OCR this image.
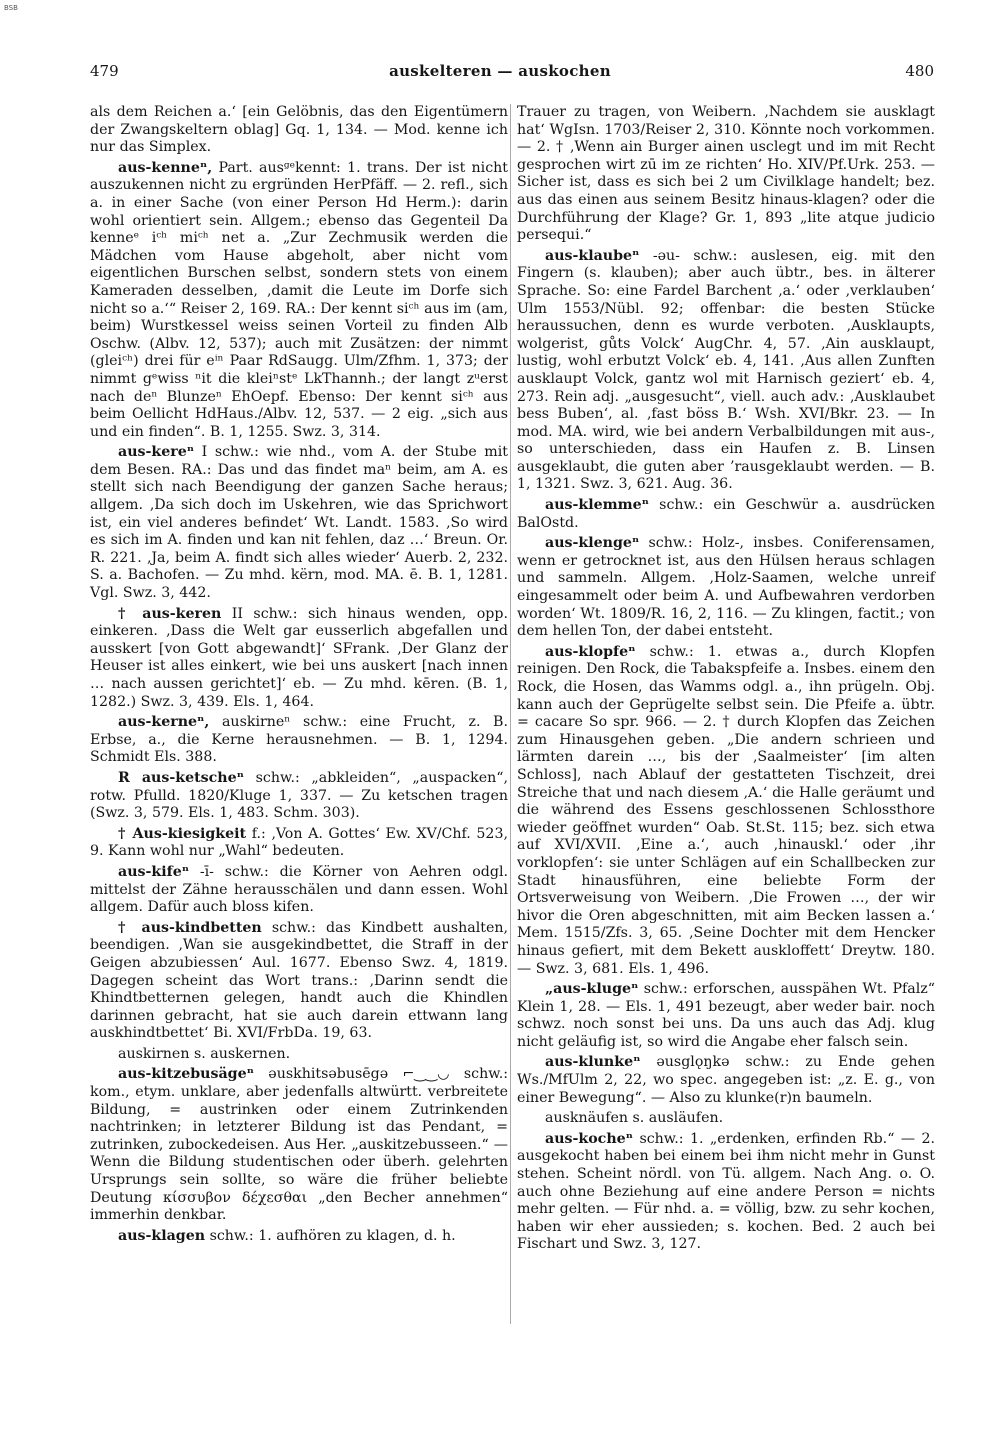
BSB
479	auskelteren — auskochen	480

als dem Reichen a.‘ [ein Gelöbnis, das den Eigentümern der Zwangskeltern oblag] Gq. 1, 134. — Mod. kenne ich nur das Simplex.

aus-kenneⁿ, Part. ausᵍᵉkennt: 1. trans. Der ist nicht auszukennen nicht zu ergründen HerPfäff. — 2. refl., sich a. in einer Sache (von einer Person Hd Herm.): darin wohl orientiert sein. Allgem.; ebenso das Gegenteil Da kenneᵉ iᶜʰ miᶜʰ net a. „Zur Zechmusik werden die Mädchen vom Hause abgeholt, aber nicht vom eigentlichen Burschen selbst, sondern stets von einem Kameraden desselben, ‚damit die Leute im Dorfe sich nicht so a.‘“ Reiser 2, 169. RA.: Der kennt siᶜʰ aus im (am, beim) Wurstkessel weiss seinen Vorteil zu finden Alb Oschw. (Albv. 12, 537); auch mit Zusätzen: der nimmt (gleiᶜʰ) drei für eⁱⁿ Paar RdSaugg. Ulm/Zfhm. 1, 373; der nimmt gᵉwiss ⁿit die kleiⁿstᵉ LkThannh.; der langt zᵘerst nach deⁿ Blunzeⁿ EhOepf. Ebenso: Der kennt siᶜʰ aus beim Oellicht HdHaus./Albv. 12, 537. — 2 eig. „sich aus und ein finden“. B. 1, 1255. Swz. 3, 314.

aus-kereⁿ I schw.: wie nhd., vom A. der Stube mit dem Besen. RA.: Das und das findet maⁿ beim, am A. es stellt sich nach Beendigung der ganzen Sache heraus; allgem. ‚Da sich doch im Uskehren, wie das Sprichwort ist, ein viel anderes befindet‘ Wt. Landt. 1583. ‚So wird es sich im A. finden und kan nit fehlen, daz …‘ Breun. Or. R. 221. ‚Ja, beim A. findt sich alles wieder‘ Auerb. 2, 232. S. a. Bachofen. — Zu mhd. kërn, mod. MA. ē. B. 1, 1281. Vgl. Swz. 3, 442.

† aus-keren II schw.: sich hinaus wenden, opp. einkeren. ‚Dass die Welt gar eusserlich abgefallen und ausskert [von Gott abgewandt]‘ SFrank. ‚Der Glanz der Heuser ist alles einkert, wie bei uns auskert [nach innen … nach aussen gerichtet]‘ eb. — Zu mhd. kēren. (B. 1, 1282.) Swz. 3, 439. Els. 1, 464.

aus-kerneⁿ, auskirneⁿ schw.: eine Frucht, z. B. Erbse, a., die Kerne herausnehmen. — B. 1, 1294. Schmidt Els. 388.

R aus-ketscheⁿ schw.: „abkleiden“, „auspacken“, rotw. Pfulld. 1820/Kluge 1, 337. — Zu ketschen tragen (Swz. 3, 579. Els. 1, 483. Schm. 303).

† Aus-kiesigkeit f.: ‚Von A. Gottes‘ Ew. XV/Chf. 523, 9. Kann wohl nur „Wahl“ bedeuten.

aus-kifeⁿ -ī- schw.: die Körner von Aehren odgl. mittelst der Zähne herausschälen und dann essen. Wohl allgem. Dafür auch bloss kifen.

† aus-kindbetten schw.: das Kindbett aushalten, beendigen. ‚Wan sie ausgekindbettet, die Straff in der Geigen abzubiessen‘ Aul. 1677. Ebenso Swz. 4, 1819. Dagegen scheint das Wort trans.: ‚Darinn sendt die Khindtbetternen gelegen, handt auch die Khindlen darinnen gebracht, hat sie auch darein ettwann lang auskhindtbettet‘ Bi. XVI/FrbDa. 19, 63.

auskirnen s. auskernen.

aus-kitzebusägeⁿ əuskhitsəbusēgə ⌐‿‿◡ schw.: kom., etym. unklare, aber jedenfalls altwürtt. verbreitete Bildung, = austrinken oder einem Zutrinkenden nachtrinken; in letzterer Bildung ist das Pendant, = zutrinken, zubockedeisen. Aus Her. „auskitzebusseen.“ — Wenn die Bildung studentischen oder überh. gelehrten Ursprungs sein sollte, so wäre die früher beliebte Deutung κίσσυβον δέχεσθαι „den Becher annehmen“ immerhin denkbar.

aus-klagen schw.: 1. aufhören zu klagen, d. h.

Trauer zu tragen, von Weibern. ‚Nachdem sie ausklagt hat‘ WgIsn. 1703/Reiser 2, 310. Könnte noch vorkommen. — 2. † ‚Wenn ain Burger ainen usclegt und im mit Recht gesprochen wirt zū im ze richten‘ Ho. XIV/Pf.Urk. 253. — Sicher ist, dass es sich bei 2 um Civilklage handelt; bez. aus das einen aus seinem Besitz hinaus-klagen? oder die Durchführung der Klage? Gr. 1, 893 „lite atque judicio persequi.“

aus-klaubeⁿ -əu- schw.: auslesen, eig. mit den Fingern (s. klauben); aber auch übtr., bes. in älterer Sprache. So: eine Fardel Barchent ‚a.‘ oder ‚verklauben‘ Ulm 1553/Nübl. 92; offenbar: die besten Stücke heraussuchen, denn es wurde verboten. ‚Ausklaupts, wolgerist, gůts Volck‘ AugChr. 4, 57. ‚Ain ausklaupt, lustig, wohl erbutzt Volck‘ eb. 4, 141. ‚Aus allen Zunften ausklaupt Volck, gantz wol mit Harnisch geziert‘ eb. 4, 273. Rein adj. „ausgesucht“, viell. auch adv.: ‚Ausklaubet bess Buben‘, al. ‚fast böss B.‘ Wsh. XVI/Bkr. 23. — In mod. MA. wird, wie bei andern Verbalbildungen mit aus-, so unterschieden, dass ein Haufen z. B. Linsen ausgeklaubt, die guten aber ’rausgeklaubt werden. — B. 1, 1321. Swz. 3, 621. Aug. 36.

aus-klemmeⁿ schw.: ein Geschwür a. ausdrücken BalOstd.

aus-klengeⁿ schw.: Holz-, insbes. Coniferensamen, wenn er getrocknet ist, aus den Hülsen heraus schlagen und sammeln. Allgem. ‚Holz-Saamen, welche unreif eingesammelt oder beim A. und Aufbewahren verdorben worden‘ Wt. 1809/R. 16, 2, 116. — Zu klingen, factit.; von dem hellen Ton, der dabei entsteht.

aus-klopfeⁿ schw.: 1. etwas a., durch Klopfen reinigen. Den Rock, die Tabakspfeife a. Insbes. einem den Rock, die Hosen, das Wamms odgl. a., ihn prügeln. Obj. kann auch der Geprügelte selbst sein. Die Pfeife a. übtr. = cacare So spr. 966. — 2. † durch Klopfen das Zeichen zum Hinausgehen geben. „Die andern schrieen und lärmten darein …, bis der ‚Saalmeister‘ [im alten Schloss], nach Ablauf der gestatteten Tischzeit, drei Streiche that und nach diesem ‚A.‘ die Halle geräumt und die während des Essens geschlossenen Schlossthore wieder geöffnet wurden“ Oab. St.St. 115; bez. sich etwa auf XVI/XVII. ‚Eine a.‘, auch ‚hinauskl.‘ oder ‚ihr vorklopfen‘: sie unter Schlägen auf ein Schallbecken zur Stadt hinausführen, eine beliebte Form der Ortsverweisung von Weibern. ‚Die Frowen …, der wir hivor die Oren abgeschnitten, mit aim Becken lassen a.‘ Mem. 1515/Zfs. 3, 65. ‚Seine Dochter mit dem Hencker hinaus gefiert, mit dem Bekett auskloffett‘ Dreytw. 180. — Swz. 3, 681. Els. 1, 496.

„aus-klugeⁿ schw.: erforschen, ausspähen Wt. Pfalz“ Klein 1, 28. — Els. 1, 491 bezeugt, aber weder bair. noch schwz. noch sonst bei uns. Da uns auch das Adj. klug nicht geläufig ist, so wird die Angabe eher falsch sein.

aus-klunkeⁿ əusglǫŋkə schw.: zu Ende gehen Ws./MfUlm 2, 22, wo spec. angegeben ist: „z. E. g., von einer Bewegung“. — Also zu klunke(r)n baumeln.

ausknäufen s. ausläufen.

aus-kocheⁿ schw.: 1. „erdenken, erfinden Rb.“ — 2. ausgekocht haben bei einem bei ihm nicht mehr in Gunst stehen. Scheint nördl. von Tü. allgem. Nach Ang. o. O. auch ohne Beziehung auf eine andere Person = nichts mehr gelten. — Für nhd. a. = völlig, bzw. zu sehr kochen, haben wir eher aussieden; s. kochen. Bed. 2 auch bei Fischart und Swz. 3, 127.
